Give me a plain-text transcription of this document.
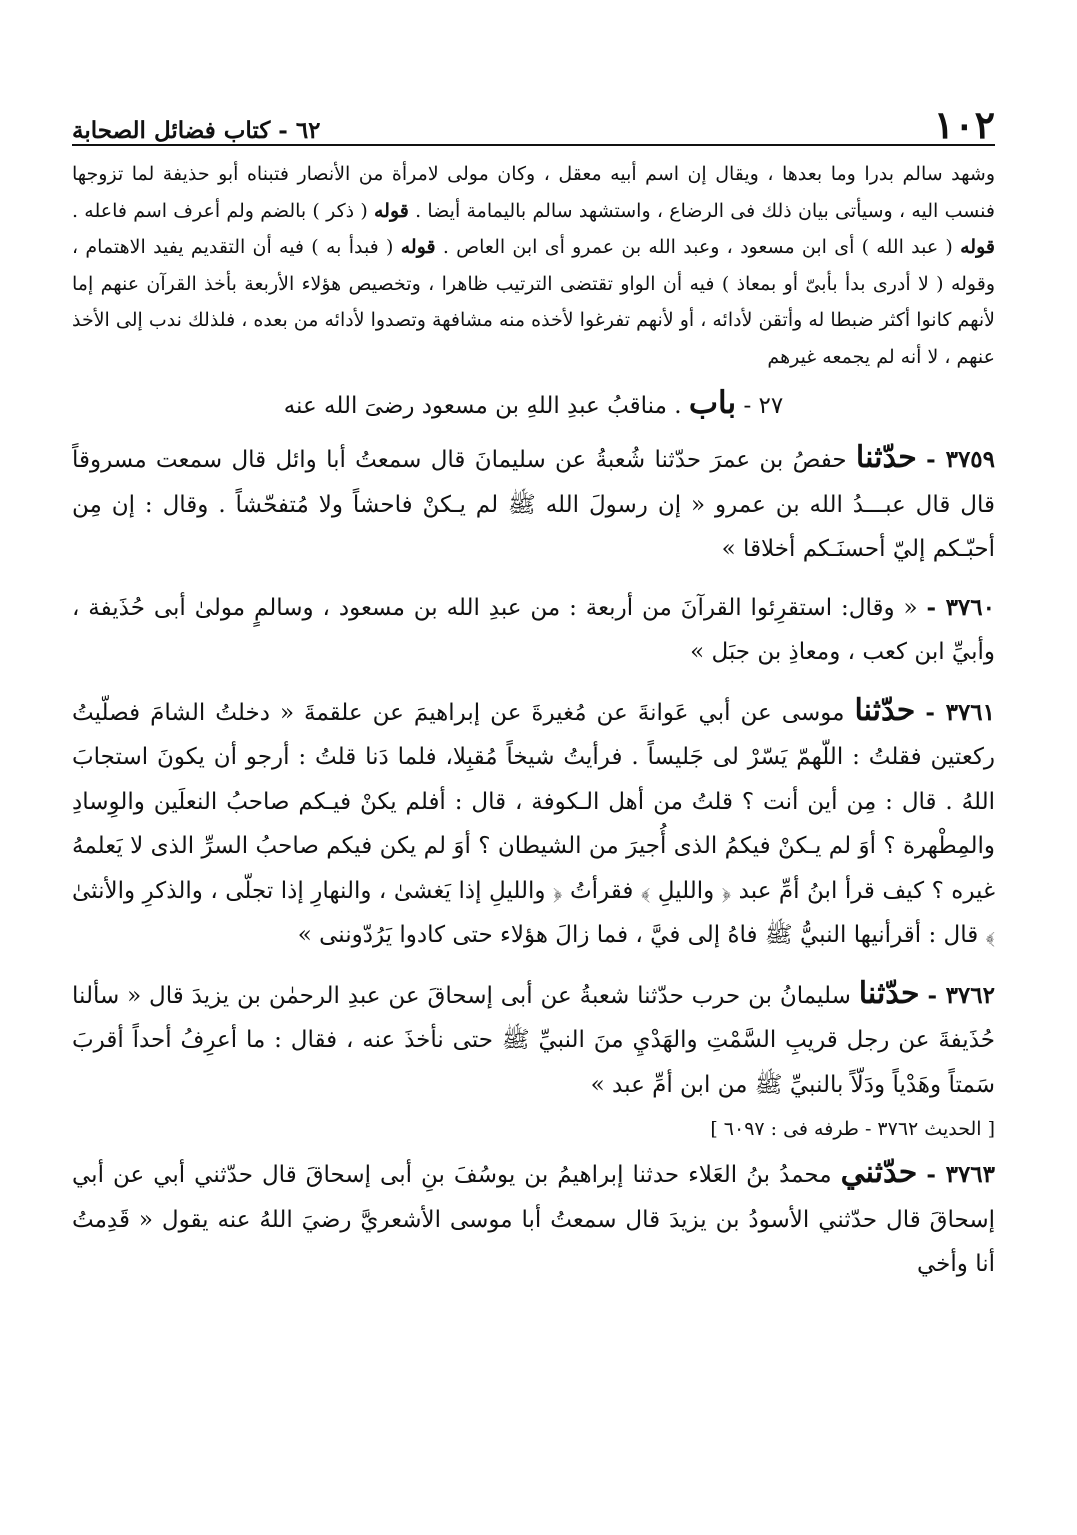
١٠٢
٦٢ - كتاب فضائل الصحابة

وشهد سالم بدرا وما بعدها ، ويقال إن اسم أبيه معقل ، وكان مولى لامرأة من الأنصار فتبناه أبو حذيفة لما تزوجها فنسب اليه ، وسيأتى بيان ذلك فى الرضاع ، واستشهد سالم باليمامة أيضا . قوله ( ذكر ) بالضم ولم أعرف اسم فاعله . قوله ( عبد الله ) أى ابن مسعود ، وعبد الله بن عمرو أى ابن العاص . قوله ( فبدأ به ) فيه أن التقديم يفيد الاهتمام ، وقوله ( لا أدرى بدأ بأبىّ أو بمعاذ ) فيه أن الواو تقتضى الترتيب ظاهرا ، وتخصيص هؤلاء الأربعة بأخذ القرآن عنهم إما لأنهم كانوا أكثر ضبطا له وأتقن لأدائه ، أو لأنهم تفرغوا لأخذه منه مشافهة وتصدوا لأدائه من بعده ، فلذلك ندب إلى الأخذ عنهم ، لا أنه لم يجمعه غيرهم

٢٧ - باب . مناقبُ عبدِ اللهِ بن مسعود رضىَ الله عنه

٣٧٥٩ - حدّثنا حفصُ بن عمرَ حدّثنا شُعبةُ عن سليمانَ قال سمعتُ أبا وائل قال سمعت مسروقاً قال قال عبـــدُ الله بن عمرو « إن رسولَ الله ﷺ لم يـكنْ فاحشاً ولا مُتفحّشاً . وقال : إن مِن أحبّـكم إليّ أحسنَـكم أخلاقا »

٣٧٦٠ - « وقال: استقرِئوا القرآنَ من أربعة : من عبدِ الله بن مسعود ، وسالمٍ مولىٰ أبى حُذَيفة ، وأبيِّ ابن كعب ، ومعاذِ بن جبَل »

٣٧٦١ - حدّثنا موسى عن أبي عَوانةَ عن مُغيرةَ عن إبراهيمَ عن علقمةَ « دخلتُ الشامَ فصلّيتُ ركعتين فقلتُ : اللّهمّ يَسّرْ لى جَليساً . فرأيتُ شيخاً مُقبِلا، فلما دَنا قلتُ : أرجو أن يكونَ استجابَ اللهُ . قال : مِن أين أنت ؟ قلتُ من أهل الـكوفة ، قال : أفلم يكنْ فيـكم صاحبُ النعلَين والوِسادِ والمِطْهرة ؟ أوَ لم يـكنْ فيكمُ الذى أُجيرَ من الشيطان ؟ أوَ لم يكن فيكم صاحبُ السرِّ الذى لا يَعلمهُ غيره ؟ كيف قرأ ابنُ أمِّ عبد ﴿ والليلِ ﴾ فقرأتُ ﴿ والليلِ إذا يَغشىٰ ، والنهارِ إذا تجلّى ، والذكرِ والأنثىٰ ﴾ قال : أقرأنيها النبيُّ ﷺ فاهُ إلى فيَّ ، فما زالَ هؤلاء حتى كادوا يَرُدّوننى »

٣٧٦٢ - حدّثنا سليمانُ بن حرب حدّثنا شعبةُ عن أبى إسحاقَ عن عبدِ الرحمٰن بن يزيدَ قال « سألنا حُذَيفةَ عن رجل قريبِ السَّمْتِ والهَدْيِ منَ النبيِّ ﷺ حتى نأخذَ عنه ، فقال : ما أعرِفُ أحداً أقربَ سَمتاً وهَدْياً ودَلّاً بالنبيِّ ﷺ من ابن أمِّ عبد »

[ الحديث ٣٧٦٢ - طرفه فى : ٦٠٩٧ ]

٣٧٦٣ - حدّثني محمدُ بنُ العَلاء حدثنا إبراهيمُ بن يوسُفَ بنِ أبى إسحاقَ قال حدّثني أبي عن أبي إسحاقَ قال حدّثني الأسودُ بن يزيدَ قال سمعتُ أبا موسى الأشعريَّ رضيَ اللهُ عنه يقول « قَدِمتُ أنا وأخي
